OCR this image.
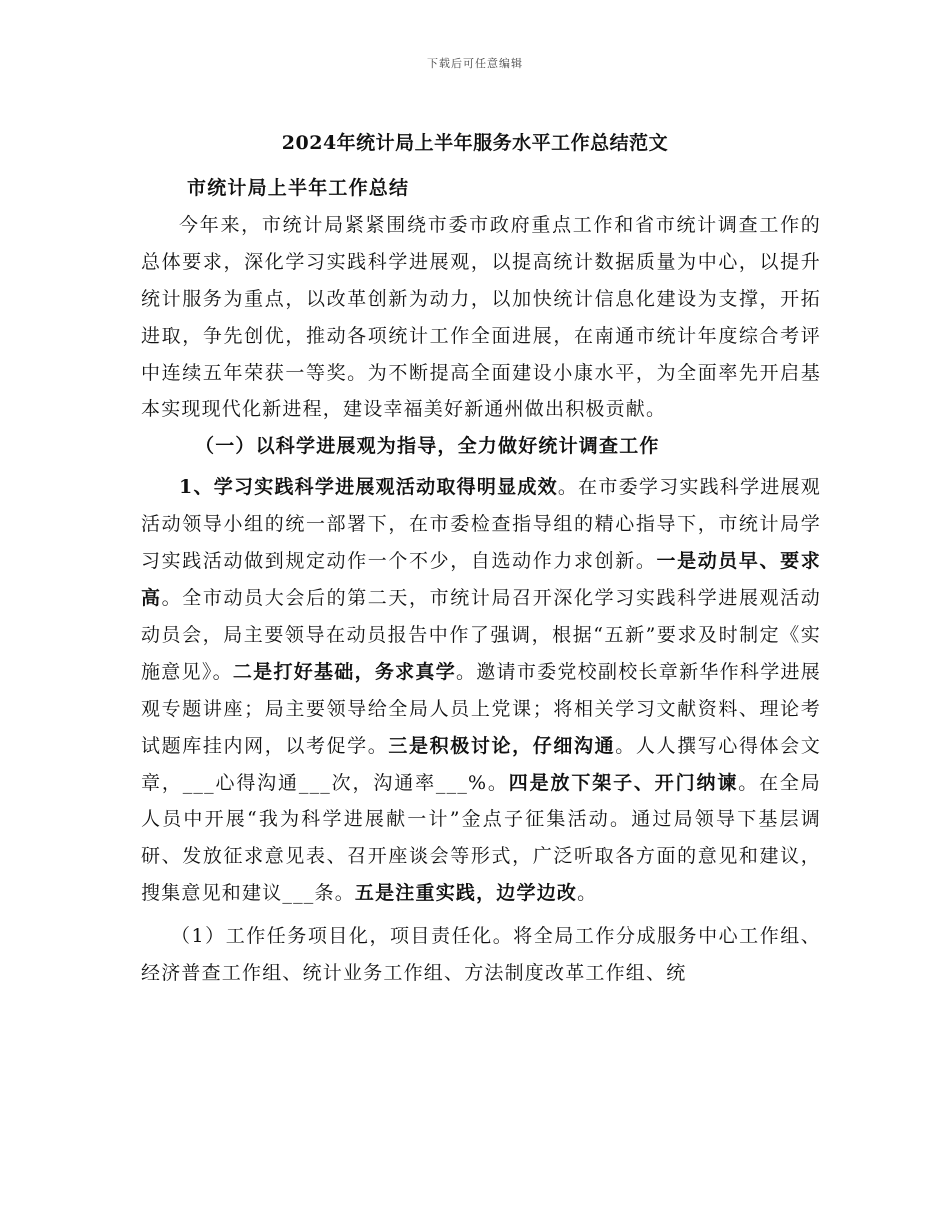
下载后可任意编辑
2024年统计局上半年服务水平工作总结范文

市统计局上半年工作总结

今年来，市统计局紧紧围绕市委市政府重点工作和省市统计调查工作的总体要求，深化学习实践科学进展观，以提高统计数据质量为中心，以提升统计服务为重点，以改革创新为动力，以加快统计信息化建设为支撑，开拓进取，争先创优，推动各项统计工作全面进展，在南通市统计年度综合考评中连续五年荣获一等奖。为不断提高全面建设小康水平，为全面率先开启基本实现现代化新进程，建设幸福美好新通州做出积极贡献。

（一）以科学进展观为指导，全力做好统计调查工作

1、学习实践科学进展观活动取得明显成效。在市委学习实践科学进展观活动领导小组的统一部署下，在市委检查指导组的精心指导下，市统计局学习实践活动做到规定动作一个不少，自选动作力求创新。一是动员早、要求高。全市动员大会后的第二天，市统计局召开深化学习实践科学进展观活动动员会，局主要领导在动员报告中作了强调，根据“五新”要求及时制定《实施意见》。二是打好基础，务求真学。邀请市委党校副校长章新华作科学进展观专题讲座；局主要领导给全局人员上党课；将相关学习文献资料、理论考试题库挂内网，以考促学。三是积极讨论，仔细沟通。人人撰写心得体会文章，___心得沟通___次，沟通率___%。四是放下架子、开门纳谏。在全局人员中开展“我为科学进展献一计”金点子征集活动。通过局领导下基层调研、发放征求意见表、召开座谈会等形式，广泛听取各方面的意见和建议，搜集意见和建议___条。五是注重实践，边学边改。

（1）工作任务项目化，项目责任化。将全局工作分成服务中心工作组、经济普查工作组、统计业务工作组、方法制度改革工作组、统
